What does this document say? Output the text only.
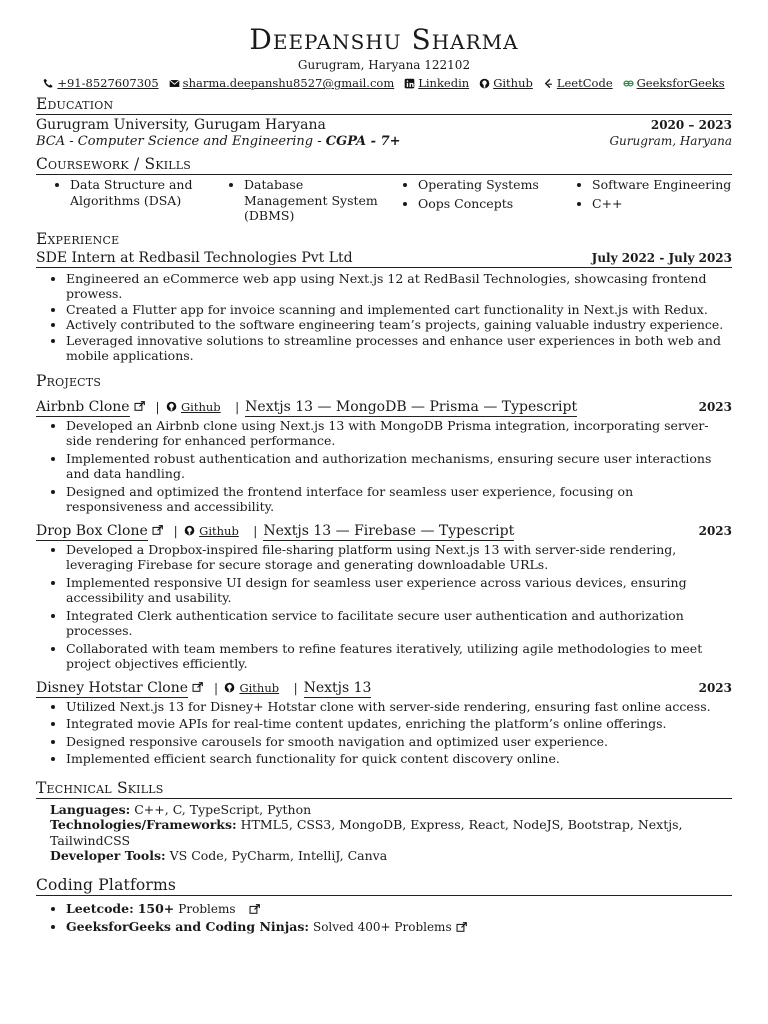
Deepanshu Sharma
Gurugram, Haryana 122102
+91-8527607305 sharma.deepanshu8527@gmail.com Linkedin Github LeetCode GeeksforGeeks
Education
Gurugram University, Gurugam Haryana	2020 – 2023
BCA - Computer Science and Engineering - CGPA - 7+	Gurugram, Haryana
Coursework / Skills
• Data Structure and Algorithms (DSA)
• Database Management System (DBMS)
• Operating Systems
• Oops Concepts
• Software Engineering
• C++
Experience
SDE Intern at Redbasil Technologies Pvt Ltd	July 2022 - July 2023
• Engineered an eCommerce web app using Next.js 12 at RedBasil Technologies, showcasing frontend prowess.
• Created a Flutter app for invoice scanning and implemented cart functionality in Next.js with Redux.
• Actively contributed to the software engineering team’s projects, gaining valuable industry experience.
• Leveraged innovative solutions to streamline processes and enhance user experiences in both web and mobile applications.
Projects
Airbnb Clone | Github | Nextjs 13 — MongoDB — Prisma — Typescript	2023
• Developed an Airbnb clone using Next.js 13 with MongoDB Prisma integration, incorporating server-side rendering for enhanced performance.
• Implemented robust authentication and authorization mechanisms, ensuring secure user interactions and data handling.
• Designed and optimized the frontend interface for seamless user experience, focusing on responsiveness and accessibility.
Drop Box Clone | Github | Nextjs 13 — Firebase — Typescript	2023
• Developed a Dropbox-inspired file-sharing platform using Next.js 13 with server-side rendering, leveraging Firebase for secure storage and generating downloadable URLs.
• Implemented responsive UI design for seamless user experience across various devices, ensuring accessibility and usability.
• Integrated Clerk authentication service to facilitate secure user authentication and authorization processes.
• Collaborated with team members to refine features iteratively, utilizing agile methodologies to meet project objectives efficiently.
Disney Hotstar Clone | Github | Nextjs 13	2023
• Utilized Next.js 13 for Disney+ Hotstar clone with server-side rendering, ensuring fast online access.
• Integrated movie APIs for real-time content updates, enriching the platform’s online offerings.
• Designed responsive carousels for smooth navigation and optimized user experience.
• Implemented efficient search functionality for quick content discovery online.
Technical Skills
Languages: C++, C, TypeScript, Python
Technologies/Frameworks: HTML5, CSS3, MongoDB, Express, React, NodeJS, Bootstrap, Nextjs, TailwindCSS
Developer Tools: VS Code, PyCharm, IntelliJ, Canva
Coding Platforms
• Leetcode: 150+ Problems
• GeeksforGeeks and Coding Ninjas: Solved 400+ Problems
